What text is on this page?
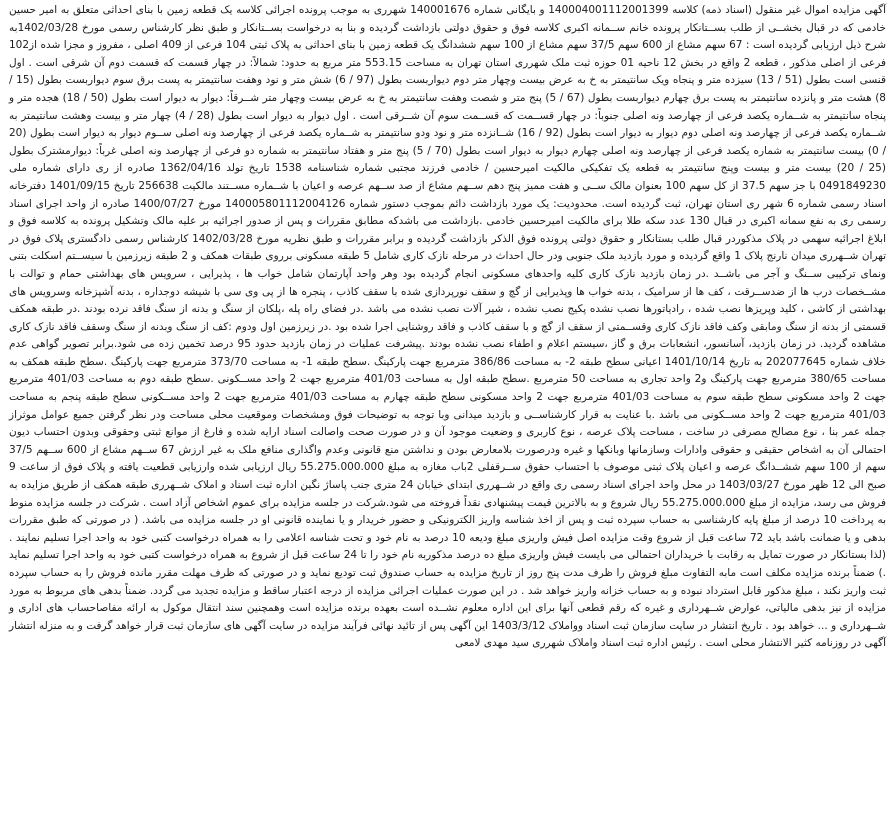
آگهی مزایده اموال غیر منقول (اسناد ذمه) کلاسه 140004001112001399 و بایگانی شماره 140001676 شهرری به موجب پرونده اجرائی کلاسه یک قطعه زمین با بنای احداثی متعلق به امیر حسین خادمی که در قبال بخشــی از طلب بســتانکار پرونده خانم ســمانه اکبری کلاسه فوق و حقوق دولتی بازداشت گردیده و بنا به درخواست بســتانکار و طبق نظر کارشناس رسمی مورخ 1402/03/28به شرح ذیل ارزیابی گردیده است : 67 سهم مشاع از 600 سهم 37/5 سهم مشاع از 100 سهم ششدانگ یک قطعه زمین با بنای احداثی به پلاک ثبتی 104 فرعی از 409 اصلی ، مفروز و مجزا شده از102 فرعی از اصلی مذکور ، قطعه 2 واقع در بخش 12 ناحیه 01 حوزه ثبت ملک شهرری استان تهران به مساحت 553.15 متر مربع به حدود: شمالاً: در چهار قسمت که قسمت دوم آن شرقی است . اول قنسی است بطول (51 / 13) سیزده متر و پنجاه ویک سانتیمتر به خ به عرض بیست وچهار متر دوم دیواربست بطول (97 / 6) شش متر و نود وهفت سانتیمتر به پست برق سوم دیواربست بطول (15 / 8) هشت متر و پانزده سانتیمتر به پست برق چهارم دیواربست بطول (67 / 5) پنج متر و شصت وهفت سانتیمتر به خ به عرض بیست وچهار متر شــرقاً: دیوار به دیوار است بطول (50 / 18) هجده متر و پنجاه سانتیمتر به شــماره یکصد فرعی از چهارصد ونه اصلی جنوباً: در چهار قســمت که قســمت سوم آن شــرقی است . اول دیوار به دیوار است بطول (28 / 4) چهار متر و بیست وهشت سانتیمتر به شــماره یکصد فرعی از چهارصد ونه اصلی دوم دیوار به دیوار است بطول (92 / 16) شــانزده متر و نود ودو سانتیمتر به شــماره یکصد فرعی از چهارصد ونه اصلی ســوم دیوار به دیوار است بطول (20 / 0) بیست سانتیمتر به شماره یکصد فرعی از چهارصد ونه اصلی چهارم دیوار به دیوار است بطول (70 / 5) پنج متر و هفتاد سانتیمتر به شماره دو فرعی از چهارصد ونه اصلی غرباً: دیوارمشترک بطول (25 / 20) بیست متر و بیست وپنج سانتیمتر به قطعه یک تفکیکی مالکیت امیرحسین / خادمی فرزند مجتبی شماره شناسنامه 1538 تاریخ تولد 1362/04/16 صادره از ری دارای شماره ملی 0491849230 با جز سهم 37.5 از کل سهم 100 بعنوان مالک ســی و هفت ممیز پنج دهم ســهم مشاع از صد ســهم عرصه و اعیان با شــماره مســتند مالکیت 256638 تاریخ 1401/09/15 دفترخانه اسناد رسمی شماره 6 شهر ری استان تهران، ثبت گردیده است. محدودیت: یک مورد بازداشت دائم بموجب دستور شماره 140005801112004126 مورخ 1400/07/27 صادره از واحد اجرای اسناد رسمی ری به نفع سمانه اکبری در قبال 130 عدد سکه طلا برای مالکیت امیرحسین خادمی .بازداشت می باشدکه مطابق مقررات و پس از صدور اجرائیه بر علیه مالک وتشکیل پرونده به کلاسه فوق و ابلاغ اجرائیه سهمی در پلاک مذکوردر قبال طلب بستانکار و حقوق دولتی پرونده فوق الذکر بازداشت گردیده و برابر مقررات و طبق نظریه مورخ 1402/03/28 کارشناس رسمی دادگستری پلاک فوق در تهران شــهرری میدان نارنج پلاک 1 واقع گردیده و مورد بازدید ملک جنوبی ودر حال احداث در مرحله نازک کاری شامل 5 طبقه مسکونی برروی طبقات همکف و 2 طبقه زیرزمین با سیســتم اسکلت بتنی ونمای ترکیبی ســنگ و آجر می باشــد .در زمان بازدید نازک کاری کلیه واحدهای مسکونی انجام گردیده بود وهر واحد آپارتمان شامل خواب ها ، پذیرایی ، سرویس های بهداشتی حمام و توالت با مشــخصات درب ها از ضدســرقت ، کف ها از سرامیک ، بدنه خواب ها وپذیرایی از گچ و سقف نورپردازی شده با سقف کاذب ، پنجره ها از پی وی سی با شیشه دوجداره ، بدنه آشپزخانه وسرویس های بهداشتی از کاشی ، کلید وپریزها نصب شده ، رادیاتورها نصب نشده پکیج نصب نشده ، شیر آلات نصب نشده می باشد .در فضای راه پله ،پلکان از سنگ و بدنه از سنگ فاقد نرده بودند .در طبقه همکف قسمتی از بدنه از سنگ ومابقی وکف فاقد نازک کاری وقســمتی از سقف از گچ و با سقف کاذب و فاقد روشنایی اجرا شده بود .در زیرزمین اول ودوم :کف از سنگ وبدنه از سنگ وسقف فاقد نازک کاری مشاهده گردید. در زمان بازدید، آسانسور، انشعابات برق و گاز ،سیستم اعلام و اطفاء نصب نشده بودند .پیشرفت عملیات در زمان بازدید حدود 95 درصد تخمین زده می شود.برابر تصویر گواهی عدم خلاف شماره 202077645 به تاریخ 1401/10/14 اعیانی سطح طبقه 2- به مساحت 386/86 مترمربع جهت پارکینگ .سطح طبقه 1- به مساحت 373/70 مترمربع جهت پارکینگ .سطح طبقه همکف به مساحت 380/65 مترمربع جهت پارکینگ و2 واحد تجاری به مساحت 50 مترمربع .سطح طبقه اول به مساحت 401/03 مترمربع جهت 2 واحد مســکونی .سطح طبقه دوم به مساحت 401/03 مترمربع جهت 2 واحد مسکونی سطح طبقه سوم به مساحت 401/03 مترمربع جهت 2 واحد مسکونی سطح طبقه چهارم به مساحت 401/03 مترمربع جهت 2 واحد مســکونی سطح طبقه پنجم به مساحت 401/03 مترمربع جهت 2 واحد مســکونی می باشد .با عنایت به قرار کارشناســی و بازدید میدانی وبا توجه به توضیحات فوق ومشخصات وموقعیت محلی مساحت ودر نظر گرفتن جمیع عوامل موثراز جمله عمر بنا ، نوع مصالح مصرفی در ساخت ، مساحت پلاک عرصه ، نوع کاربری و وضعیت موجود آن و در صورت صحت واصالت اسناد ارایه شده و فارغ از موانع ثبتی وحقوقی وبدون احتساب دیون احتمالی آن به اشخاص حقیقی و حقوقی وادارات وسازمانها وبانکها و غیره ودرصورت بلامعارض بودن و نداشتن منع قانونی وعدم واگذاری منافع ملک به غیر ارزش 67 ســهم مشاع از 600 ســهم 37/5 سهم از 100 سهم ششــدانگ عرصه و اعیان پلاک ثبتی موصوف با احتساب حقوق ســرقفلی 2باب مغازه به مبلغ 55.275.000.000 ریال ارزیابی شده وارزیابی قطعیت یافته و پلاک فوق از ساعت 9 صبح الی 12 ظهر مورخ 1403/03/27 در محل واحد اجرای اسناد رسمی ری واقع در شــهرری ابتدای خیابان 24 متری جنب پاساژ نگین اداره ثبت اسناد و املاک شــهرری طبقه همکف از طریق مزایده به فروش می رسد، مزایده از مبلغ 55.275.000.000 ریال شروع و به بالاترین قیمت پیشنهادی نقداً فروخته می شود.شرکت در جلسه مزایده برای عموم اشخاص آزاد است . شرکت در جلسه مزایده منوط به پرداخت 10 درصد از مبلغ پایه کارشناسی به حساب سپرده ثبت و پس از اخذ شناسه واریز الکترونیکی و حضور خریدار و یا نماینده قانونی او در جلسه مزایده می باشد. ( در صورتی که طبق مقررات بدهی و یا ضمانت باشد باید 72 ساعت قبل از شروع وقت مزایده اصل فیش واریزی مبلغ ودیعه 10 درصد به نام خود و تحت شناسه اعلامی را به همراه درخواست کتبی خود به واحد اجرا تسلیم نمایند .(لذا بستانکار در صورت تمایل به رقابت با خریداران احتمالی می بایست فیش واریزی مبلغ ده درصد مذکوربه نام خود را تا 24 ساعت قبل از شروع به همراه درخواست کتبی خود به واحد اجرا تسلیم نماید .) ضمناً برنده مزایده مکلف است مابه التفاوت مبلغ فروش را ظرف مدت پنج روز از تاریخ مزایده به حساب صندوق ثبت تودیع نماید و در صورتی که ظرف مهلت مقرر مانده فروش را به حساب سپرده ثبت واریز نکند ، مبلغ مذکور قابل استرداد نبوده و به حساب خزانه واریز خواهد شد . در این صورت عملیات اجرائی مزایده از درجه اعتبار ساقط و مزایده تجدید می گردد. ضمناً بدهی های مربوط به مورد مزایده از نیز بدهی مالیاتی، عوارض شــهرداری و غیره که رقم قطعی آنها برای این اداره معلوم نشــده است بعهده برنده مزایده است وهمچنین سند انتقال موکول به ارائه مفاصاحساب های اداری و شــهرداری و ... خواهد بود . تاریخ انتشار در سایت سازمان ثبت اسناد وواملاک 1403/3/12 این آگهی پس از تائید نهائی فرآیند مزایده در سایت آگهی های سازمان ثبت قرار خواهد گرفت و به منزله انتشار آگهی در روزنامه کثیر الانتشار محلی است . رئیس اداره ثبت اسناد واملاک شهرری سید مهدی لامعی
